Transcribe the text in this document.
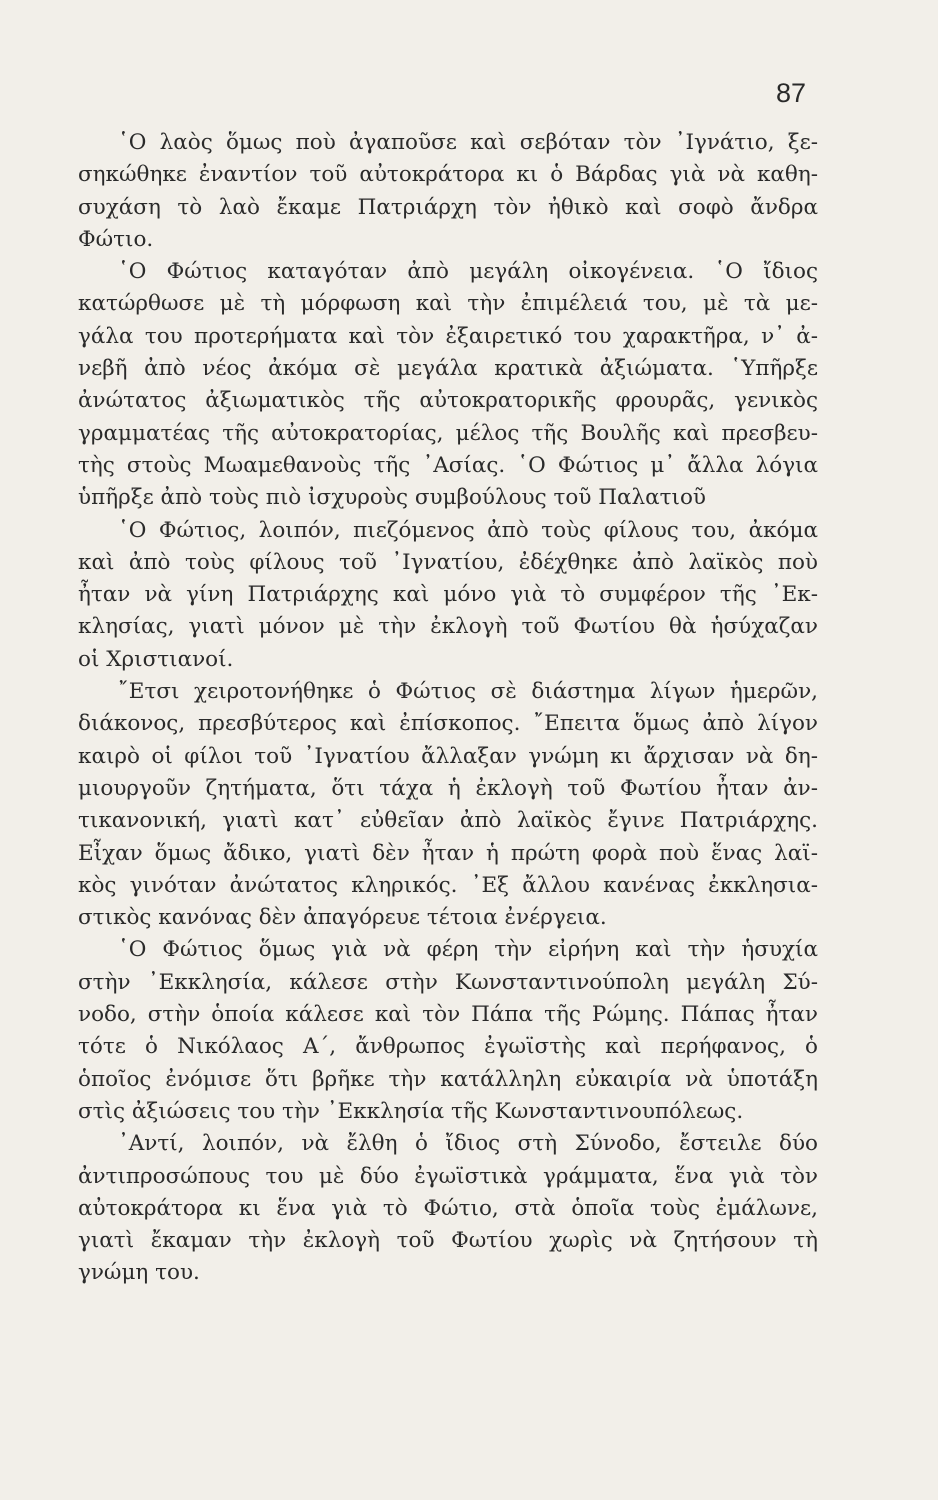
87
῾Ο λαὸς ὅμως ποὺ ἀγαποῦσε καὶ σεβόταν τὸν ᾿Ιγνάτιο, ξε-
σηκώθηκε ἐναντίον τοῦ αὐτοκράτορα κι ὁ Βάρδας γιὰ νὰ καθη-
συχάση τὸ λαὸ ἔκαμε Πατριάρχη τὸν ἠθικὸ καὶ σοφὸ ἄνδρα
Φώτιο.
῾Ο Φώτιος καταγόταν ἀπὸ μεγάλη οἰκογένεια. ῾Ο ἴδιος
κατώρθωσε μὲ τὴ μόρφωση καὶ τὴν ἐπιμέλειά του, μὲ τὰ με-
γάλα του προτερήματα καὶ τὸν ἐξαιρετικό του χαρακτῆρα, ν᾿ ἀ-
νεβῆ ἀπὸ νέος ἀκόμα σὲ μεγάλα κρατικὰ ἀξιώματα. ῾Υπῆρξε
ἀνώτατος ἀξιωματικὸς τῆς αὐτοκρατορικῆς φρουρᾶς, γενικὸς
γραμματέας τῆς αὐτοκρατορίας, μέλος τῆς Βουλῆς καὶ πρεσβευ-
τὴς στοὺς Μωαμεθανοὺς τῆς ᾿Ασίας. ῾Ο Φώτιος μ᾿ ἄλλα λόγια
ὑπῆρξε ἀπὸ τοὺς πιὸ ἰσχυροὺς συμβούλους τοῦ Παλατιοῦ
῾Ο Φώτιος, λοιπόν, πιεζόμενος ἀπὸ τοὺς φίλους του, ἀκόμα
καὶ ἀπὸ τοὺς φίλους τοῦ ᾿Ιγνατίου, ἐδέχθηκε ἀπὸ λαϊκὸς ποὺ
ἦταν νὰ γίνη Πατριάρχης καὶ μόνο γιὰ τὸ συμφέρον τῆς ᾿Εκ-
κλησίας, γιατὶ μόνον μὲ τὴν ἐκλογὴ τοῦ Φωτίου θὰ ἡσύχαζαν
οἱ Χριστιανοί.
῎Ετσι χειροτονήθηκε ὁ Φώτιος σὲ διάστημα λίγων ἡμερῶν,
διάκονος, πρεσβύτερος καὶ ἐπίσκοπος. ῎Επειτα ὅμως ἀπὸ λίγον
καιρὸ οἱ φίλοι τοῦ ᾿Ιγνατίου ἄλλαξαν γνώμη κι ἄρχισαν νὰ δη-
μιουργοῦν ζητήματα, ὅτι τάχα ἡ ἐκλογὴ τοῦ Φωτίου ἦταν ἀν-
τικανονική, γιατὶ κατ᾿ εὐθεῖαν ἀπὸ λαϊκὸς ἔγινε Πατριάρχης.
Εἶχαν ὅμως ἄδικο, γιατὶ δὲν ἦταν ἡ πρώτη φορὰ ποὺ ἕνας λαϊ-
κὸς γινόταν ἀνώτατος κληρικός. ᾿Εξ ἄλλου κανένας ἐκκλησια-
στικὸς κανόνας δὲν ἀπαγόρευε τέτοια ἐνέργεια.
῾Ο Φώτιος ὅμως γιὰ νὰ φέρη τὴν εἰρήνη καὶ τὴν ἡσυχία
στὴν ᾿Εκκλησία, κάλεσε στὴν Κωνσταντινούπολη μεγάλη Σύ-
νοδο, στὴν ὁποία κάλεσε καὶ τὸν Πάπα τῆς Ρώμης. Πάπας ἦταν
τότε ὁ Νικόλαος Α΄, ἄνθρωπος ἐγωϊστὴς καὶ περήφανος, ὁ
ὁποῖος ἐνόμισε ὅτι βρῆκε τὴν κατάλληλη εὐκαιρία νὰ ὑποτάξη
στὶς ἀξιώσεις του τὴν ᾿Εκκλησία τῆς Κωνσταντινουπόλεως.
᾿Αντί, λοιπόν, νὰ ἔλθη ὁ ἴδιος στὴ Σύνοδο, ἔστειλε δύο
ἀντιπροσώπους του μὲ δύο ἐγωϊστικὰ γράμματα, ἕνα γιὰ τὸν
αὐτοκράτορα κι ἕνα γιὰ τὸ Φώτιο, στὰ ὁποῖα τοὺς ἐμάλωνε,
γιατὶ ἔκαμαν τὴν ἐκλογὴ τοῦ Φωτίου χωρὶς νὰ ζητήσουν τὴ
γνώμη του.
